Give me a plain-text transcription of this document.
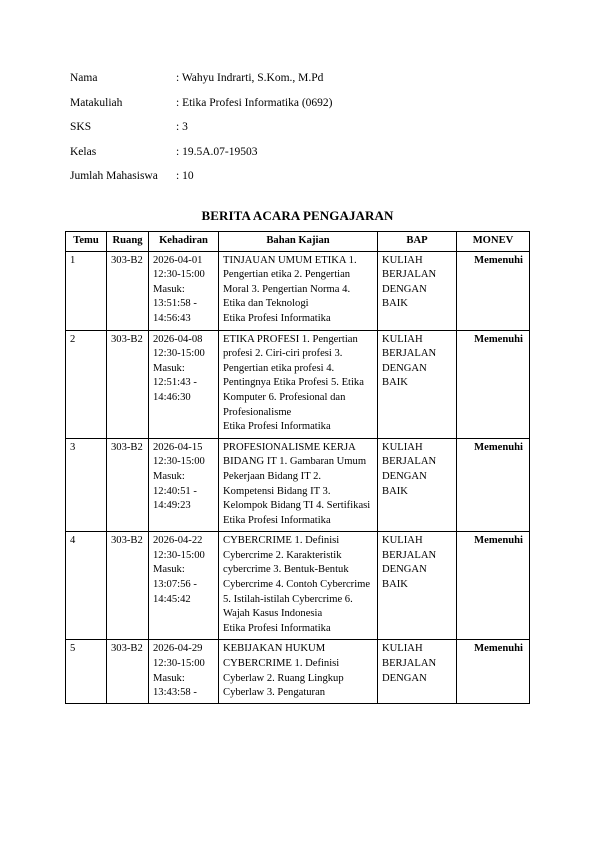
Nama	: Wahyu Indrarti, S.Kom., M.Pd
Matakuliah	: Etika Profesi Informatika (0692)
SKS	: 3
Kelas	: 19.5A.07-19503
Jumlah Mahasiswa	: 10
BERITA ACARA PENGAJARAN
Temu	Ruang	Kehadiran	Bahan Kajian	BAP	MONEV
1	303-B2	2026-04-01
12:30-15:00
Masuk:
13:51:58 - 14:56:43	TINJAUAN UMUM ETIKA 1. Pengertian etika 2. Pengertian Moral 3. Pengertian Norma 4. Etika dan Teknologi
Etika Profesi Informatika	KULIAH BERJALAN DENGAN BAIK	Memenuhi
2	303-B2	2026-04-08
12:30-15:00
Masuk:
12:51:43 - 14:46:30	ETIKA PROFESI 1. Pengertian profesi 2. Ciri-ciri profesi 3. Pengertian etika profesi 4. Pentingnya Etika Profesi 5. Etika Komputer 6. Profesional dan Profesionalisme
Etika Profesi Informatika	KULIAH BERJALAN DENGAN BAIK	Memenuhi
3	303-B2	2026-04-15
12:30-15:00
Masuk:
12:40:51 - 14:49:23	PROFESIONALISME KERJA BIDANG IT 1. Gambaran Umum Pekerjaan Bidang IT 2. Kompetensi Bidang IT 3. Kelompok Bidang TI 4. Sertifikasi
Etika Profesi Informatika	KULIAH BERJALAN DENGAN BAIK	Memenuhi
4	303-B2	2026-04-22
12:30-15:00
Masuk:
13:07:56 - 14:45:42	CYBERCRIME 1. Definisi Cybercrime 2. Karakteristik cybercrime 3. Bentuk-Bentuk Cybercrime 4. Contoh Cybercrime 5. Istilah-istilah Cybercrime 6. Wajah Kasus Indonesia
Etika Profesi Informatika	KULIAH BERJALAN DENGAN BAIK	Memenuhi
5	303-B2	2026-04-29
12:30-15:00
Masuk:
13:43:58 -	KEBIJAKAN HUKUM CYBERCRIME 1. Definisi Cyberlaw 2. Ruang Lingkup Cyberlaw 3. Pengaturan	KULIAH BERJALAN DENGAN	Memenuhi
